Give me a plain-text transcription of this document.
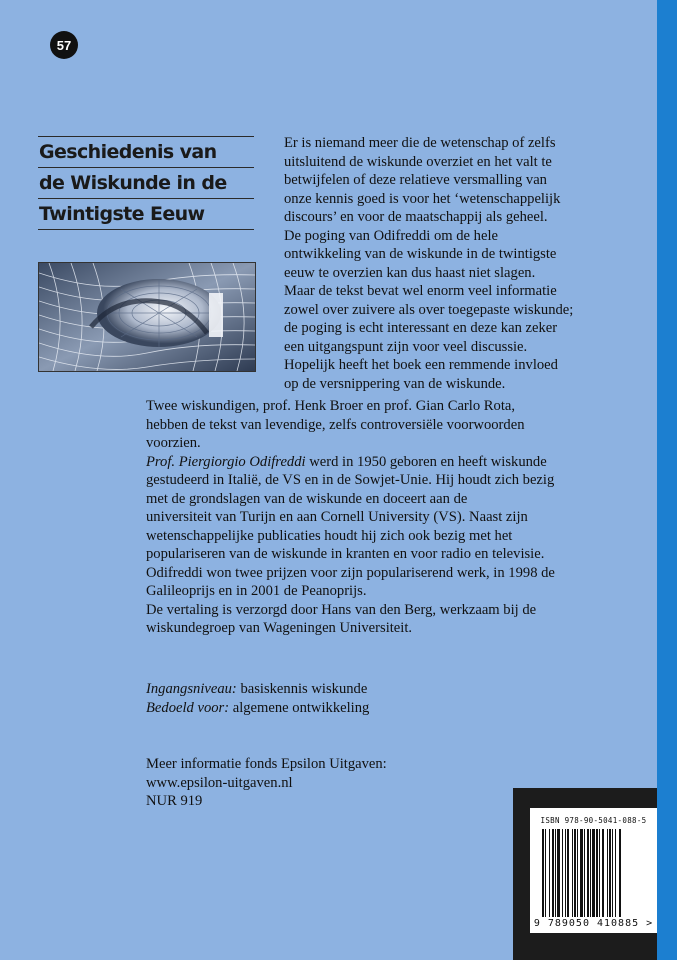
57
Geschiedenis van
de Wiskunde in de
Twintigste Eeuw

Er is niemand meer die de wetenschap of zelfs

uitsluitend de wiskunde overziet en het valt te

betwijfelen of deze relatieve versmalling van

onze kennis goed is voor het ‘wetenschappelijk

discours’ en voor de maatschappij als geheel.

De poging van Odifreddi om de hele

ontwikkeling van de wiskunde in de twintigste

eeuw te overzien kan dus haast niet slagen.

Maar de tekst bevat wel enorm veel informatie

zowel over zuivere als over toegepaste wiskunde;

de poging is echt interessant en deze kan zeker

een uitgangspunt zijn voor veel discussie.

Hopelijk heeft het boek een remmende invloed

op de versnippering van de wiskunde.

Twee wiskundigen, prof. Henk Broer en prof. Gian Carlo Rota,

hebben de tekst van levendige, zelfs controversiële voorwoorden

voorzien.

Prof. Piergiorgio Odifreddi werd in 1950 geboren en heeft wiskunde

gestudeerd in Italië, de VS en in de Sowjet-Unie. Hij houdt zich bezig

met de grondslagen van de wiskunde en doceert aan de

universiteit van Turijn en aan Cornell University (VS). Naast zijn

wetenschappelijke publicaties houdt hij zich ook bezig met het

populariseren van de wiskunde in kranten en voor radio en televisie.

Odifreddi won twee prijzen voor zijn populariserend werk, in 1998 de

Galileoprijs en in 2001 de Peanoprijs.

De vertaling is verzorgd door Hans van den Berg, werkzaam bij de

wiskundegroep van Wageningen Universiteit.

Ingangsniveau: basiskennis wiskunde

Bedoeld voor: algemene ontwikkeling

Meer informatie fonds Epsilon Uitgaven:

www.epsilon-uitgaven.nl

NUR 919

ISBN 978-90-5041-088-5
9 789050 410885 >
